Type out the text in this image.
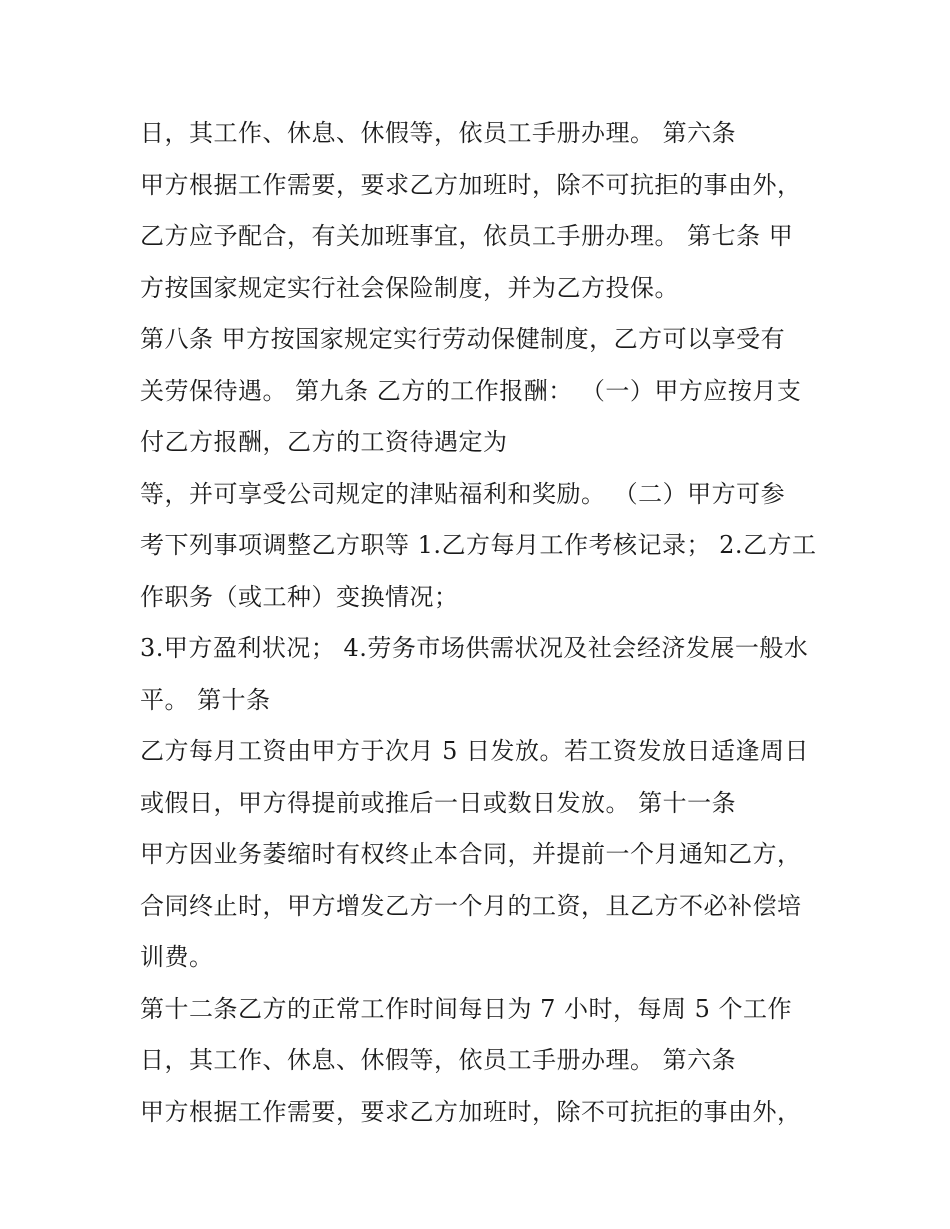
日，其工作、休息、休假等，依员工手册办理。 第六条
甲方根据工作需要，要求乙方加班时，除不可抗拒的事由外，
乙方应予配合，有关加班事宜，依员工手册办理。 第七条 甲
方按国家规定实行社会保险制度，并为乙方投保。
第八条 甲方按国家规定实行劳动保健制度，乙方可以享受有
关劳保待遇。 第九条 乙方的工作报酬： （一）甲方应按月支
付乙方报酬，乙方的工资待遇定为
等，并可享受公司规定的津贴福利和奖励。 （二）甲方可参
考下列事项调整乙方职等 1.乙方每月工作考核记录； 2.乙方工
作职务（或工种）变换情况；
3.甲方盈利状况； 4.劳务市场供需状况及社会经济发展一般水
平。 第十条
乙方每月工资由甲方于次月 5 日发放。若工资发放日适逢周日
或假日，甲方得提前或推后一日或数日发放。 第十一条
甲方因业务萎缩时有权终止本合同，并提前一个月通知乙方，
合同终止时，甲方增发乙方一个月的工资，且乙方不必补偿培
训费。
第十二条乙方的正常工作时间每日为 7 小时，每周 5 个工作
日，其工作、休息、休假等，依员工手册办理。 第六条
甲方根据工作需要，要求乙方加班时，除不可抗拒的事由外，
